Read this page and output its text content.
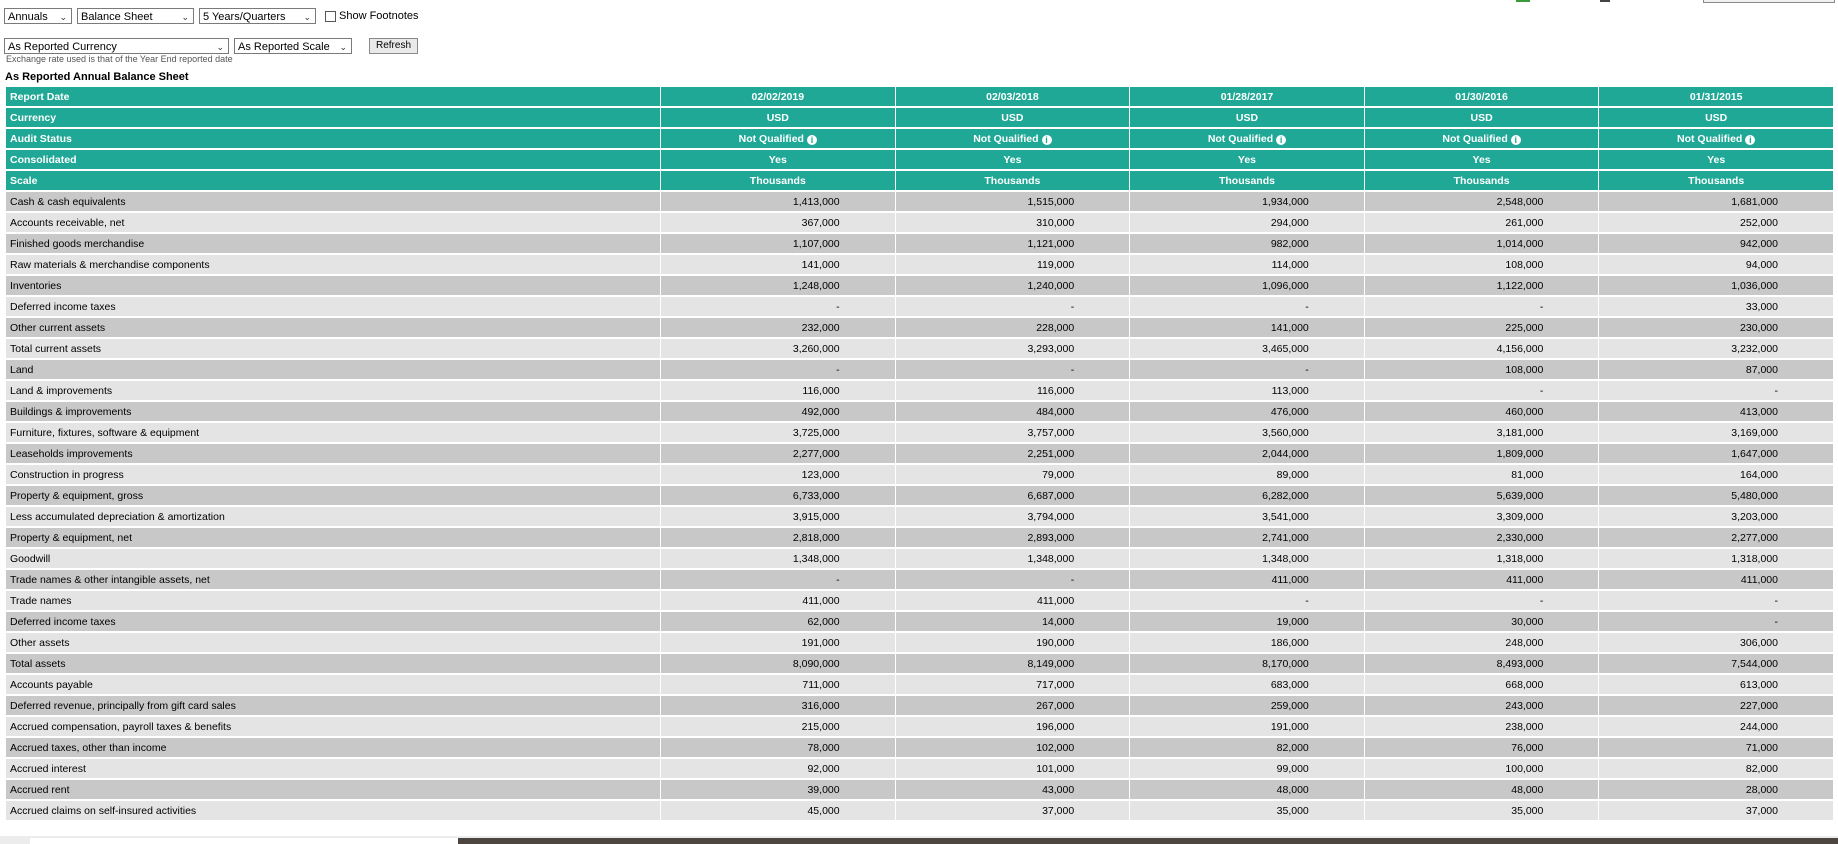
Annuals ⌄	Balance Sheet	⌄	5 Years/Quarters ⌄	Show Footnotes
As Reported Currency	⌄	As Reported Scale ⌄	Refresh
Exchange rate used is that of the Year End reported date
As Reported Annual Balance Sheet
Report Date	02/02/2019	02/03/2018	01/28/2017	01/30/2016	01/31/2015
Currency	USD	USD	USD	USD	USD
Audit Status	Not Qualified i	Not Qualified i	Not Qualified i	Not Qualified i	Not Qualified i
Consolidated	Yes	Yes	Yes	Yes	Yes
Scale	Thousands	Thousands	Thousands	Thousands	Thousands
Cash & cash equivalents	1,413,000	1,515,000	1,934,000	2,548,000	1,681,000
Accounts receivable, net	367,000	310,000	294,000	261,000	252,000
Finished goods merchandise	1,107,000	1,121,000	982,000	1,014,000	942,000
Raw materials & merchandise components	141,000	119,000	114,000	108,000	94,000
Inventories	1,248,000	1,240,000	1,096,000	1,122,000	1,036,000
Deferred income taxes	-	-	-	-	33,000
Other current assets	232,000	228,000	141,000	225,000	230,000
Total current assets	3,260,000	3,293,000	3,465,000	4,156,000	3,232,000
Land	-	-	-	108,000	87,000
Land & improvements	116,000	116,000	113,000	-	-
Buildings & improvements	492,000	484,000	476,000	460,000	413,000
Furniture, fixtures, software & equipment	3,725,000	3,757,000	3,560,000	3,181,000	3,169,000
Leaseholds improvements	2,277,000	2,251,000	2,044,000	1,809,000	1,647,000
Construction in progress	123,000	79,000	89,000	81,000	164,000
Property & equipment, gross	6,733,000	6,687,000	6,282,000	5,639,000	5,480,000
Less accumulated depreciation & amortization	3,915,000	3,794,000	3,541,000	3,309,000	3,203,000
Property & equipment, net	2,818,000	2,893,000	2,741,000	2,330,000	2,277,000
Goodwill	1,348,000	1,348,000	1,348,000	1,318,000	1,318,000
Trade names & other intangible assets, net	-	-	411,000	411,000	411,000
Trade names	411,000	411,000	-	-	-
Deferred income taxes	62,000	14,000	19,000	30,000	-
Other assets	191,000	190,000	186,000	248,000	306,000
Total assets	8,090,000	8,149,000	8,170,000	8,493,000	7,544,000
Accounts payable	711,000	717,000	683,000	668,000	613,000
Deferred revenue, principally from gift card sales	316,000	267,000	259,000	243,000	227,000
Accrued compensation, payroll taxes & benefits	215,000	196,000	191,000	238,000	244,000
Accrued taxes, other than income	78,000	102,000	82,000	76,000	71,000
Accrued interest	92,000	101,000	99,000	100,000	82,000
Accrued rent	39,000	43,000	48,000	48,000	28,000
Accrued claims on self-insured activities	45,000	37,000	35,000	35,000	37,000
